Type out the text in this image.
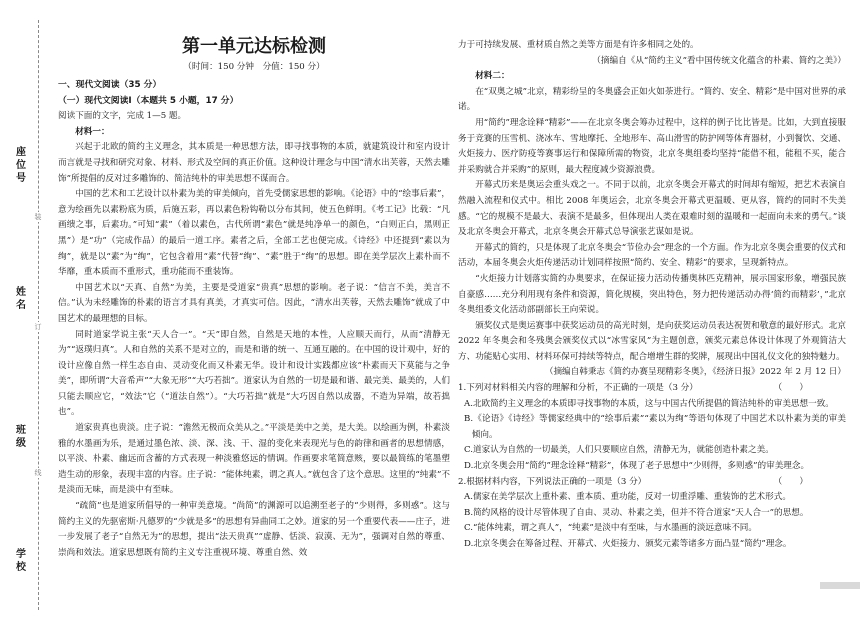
座位号
装
姓名
订
班级
线
学校
第一单元达标检测
（时间：150 分钟　分值：150 分）

一、现代文阅读（35 分）

（一）现代文阅读Ⅰ（本题共 5 小题，17 分）

阅读下面的文字，完成 1—5 题。

材料一：

兴起于北欧的简约主义理念，其本质是一种思想方法，即寻找事物的本质，就建筑设计和室内设计而言就是寻找和研究对象、材料、形式及空间的真正价值。这种设计理念与中国“清水出芙蓉，天然去雕饰”所提倡的反对过多雕饰的、简洁纯朴的审美思想不谋而合。

中国的艺术和工艺设计以朴素为美的审美倾向，首先受儒家思想的影响。《论语》中的“绘事后素”，意为绘画先以素粉底为质，后施五彩，再以素色粉钩勒以分布其间，使五色鲜明。《考工记》比载：“凡画缋之事，后素功。”可知“素”（着以素色，古代所谓“素色”就是纯净单一的颜色，“白则正白，黑则正黑”）是“功”（完成作品）的最后一道工序。素者之后，全部工艺也便完成。《诗经》中还提到“素以为绚”，就是以“素”为“绚”，它包含着用“素”代替“绚”、“素”胜于“绚”的思想。即在美学层次上素朴而不华靡，重本质而不重形式，重功能而不重装饰。

中国艺术以“天真、自然”为美，主要是受道家“贵真”思想的影响。老子说：“信言不美，美言不信。”认为未经雕饰的朴素的语言才具有真美，才真实可信。因此，“清水出芙蓉，天然去雕饰”就成了中国艺术的最理想的目标。

同时道家学说主张“天人合一”。“天”即自然，自然是天地的本性，人应顺天而行，从而“清静无为”“返璞归真”。人和自然的关系不是对立的，而是和谐的统一、互通互融的。在中国的设计观中，好的设计应像自然一样生态自由、灵动变化而又朴素无华。设计和设计实践都应该“朴素而天下莫能与之争美”，即所谓“大音希声”“大象无形”“大巧若拙”。道家认为自然的一切是最和谐、最完美、最美的，人们只能去顺应它，“效法”它（“道法自然”）。“大巧若拙”就是“大巧因自然以成器，不造为异端，故若拙也”。

道家贵真也贵淡。庄子说：“澹然无极而众美从之。”平淡是美中之美，是大美。以绘画为例，朴素淡雅的水墨画为乐，是通过墨色浓、淡、深、浅、干、湿的变化来表现光与色的韵律和画者的思想情感，以平淡、朴素、幽远而含蓄的方式表现一种淡雅悠远的情调。作画要求笔简意赅，要以最简练的笔墨塑造生动的形象，表现丰富的内容。庄子说：“能体纯素，谓之真人。”就包含了这个意思。这里的“纯素”不是淡而无味，而是淡中有至味。

“疏简”也是道家所倡导的一种审美意境。“尚简”的渊源可以追溯至老子的“少则得，多则惑”。这与简约主义的先驱密斯·凡德罗的“少就是多”的思想有异曲同工之妙。道家的另一个重要代表——庄子，进一步发展了老子“自然无为”的思想，提出“法天贵真”“虚静、恬淡、寂漠、无为”，强调对自然的尊重、崇尚和效法。道家思想既有简约主义专注重视环境、尊重自然、效

力于可持续发展、重材质自然之美等方面是有许多相同之处的。

（摘编自《从“简约主义”看中国传统文化蕴含的朴素、简约之美》）

材料二：

在“双奥之城”北京，精彩纷呈的冬奥盛会正如火如荼进行。“简约、安全、精彩”是中国对世界的承诺。

用“简约”理念诠释“精彩”——在北京冬奥会筹办过程中，这样的例子比比皆是。比如，大到直接服务于竞赛的压雪机、浇冰车、雪地摩托、全地形车、高山滑雪的防护网等体育器材，小到餐饮、交通、火炬接力、医疗防疫等赛事运行和保障所需的物资，北京冬奥组委均坚持“能借不租，能租不买，能合并采购就合并采购”的原则，最大程度减少资源浪费。

开幕式历来是奥运会重头戏之一。不同于以前，北京冬奥会开幕式的时间却有缩短，把艺术表演自然融入流程和仪式中。相比 2008 年奥运会，北京冬奥会开幕式更温暖、更从容，简约的同时不失美感。“它的规模不是最大、表演不是最多，但体现出人类在艰难时刻的温暖和一起面向未来的勇气。”谈及北京冬奥会开幕式，北京冬奥会开幕式总导演张艺谋如是说。

开幕式的简约，只是体现了北京冬奥会“节俭办会”理念的一个方面。作为北京冬奥会重要的仪式和活动，本届冬奥会火炬传递活动计划同样按照“简约、安全、精彩”的要求，呈现新特点。

“火炬接力计划落实简约办奥要求，在保证接力活动传播奥林匹克精神，展示国家形象，增强民族自豪感……充分利用现有条件和资源，简化规模，突出特色，努力把传递活动办得‘简约而精彩’，”北京冬奥组委文化活动部副部长王向荣说。

颁奖仪式是奥运赛事中获奖运动员的高光时刻，是向获奖运动员表达祝贺和敬意的最好形式。北京 2022 年冬奥会和冬残奥会颁奖仪式以“冰雪家风”为主题创意，颁奖元素总体设计体现了外观简洁大方、功能贴心实用、材料环保可持续等特点，配合增增生群的奖牌，展现出中国礼仪文化的独特魅力。

（摘编自韩秉志《简约办赛呈现精彩冬奥》，《经济日报》2022 年 2 月 12 日）

（　　）
1.下列对材料相关内容的理解和分析，不正确的一项是（3 分）

A.北欧简约主义理念的本质即寻找事物的本质，这与中国古代所提倡的简洁纯朴的审美思想一致。

B.《论语》《诗经》等儒家经典中的“绘事后素”“素以为绚”等语句体现了中国艺术以朴素为美的审美倾向。

C.道家认为自然的一切最美，人们只要顺应自然，清静无为，就能创造朴素之美。

D.北京冬奥会用“简约”理念诠释“精彩”，体现了老子思想中“少则得，多则惑”的审美理念。

（　　）
2.根据材料内容，下列说法正确的一项是（3 分）

A.儒家在美学层次上重朴素、重本质、重功能，反对一切重浮雕、重装饰的艺术形式。

B.简约风格的设计尽管体现了自由、灵动、朴素之美，但并不符合道家“天人合一”的思想。

C.“能体纯素，谓之真人”，“纯素”是淡中有至味，与水墨画的淡远意味不同。

D.北京冬奥会在筹备过程、开幕式、火炬接力、颁奖元素等诸多方面凸显“简约”理念。
